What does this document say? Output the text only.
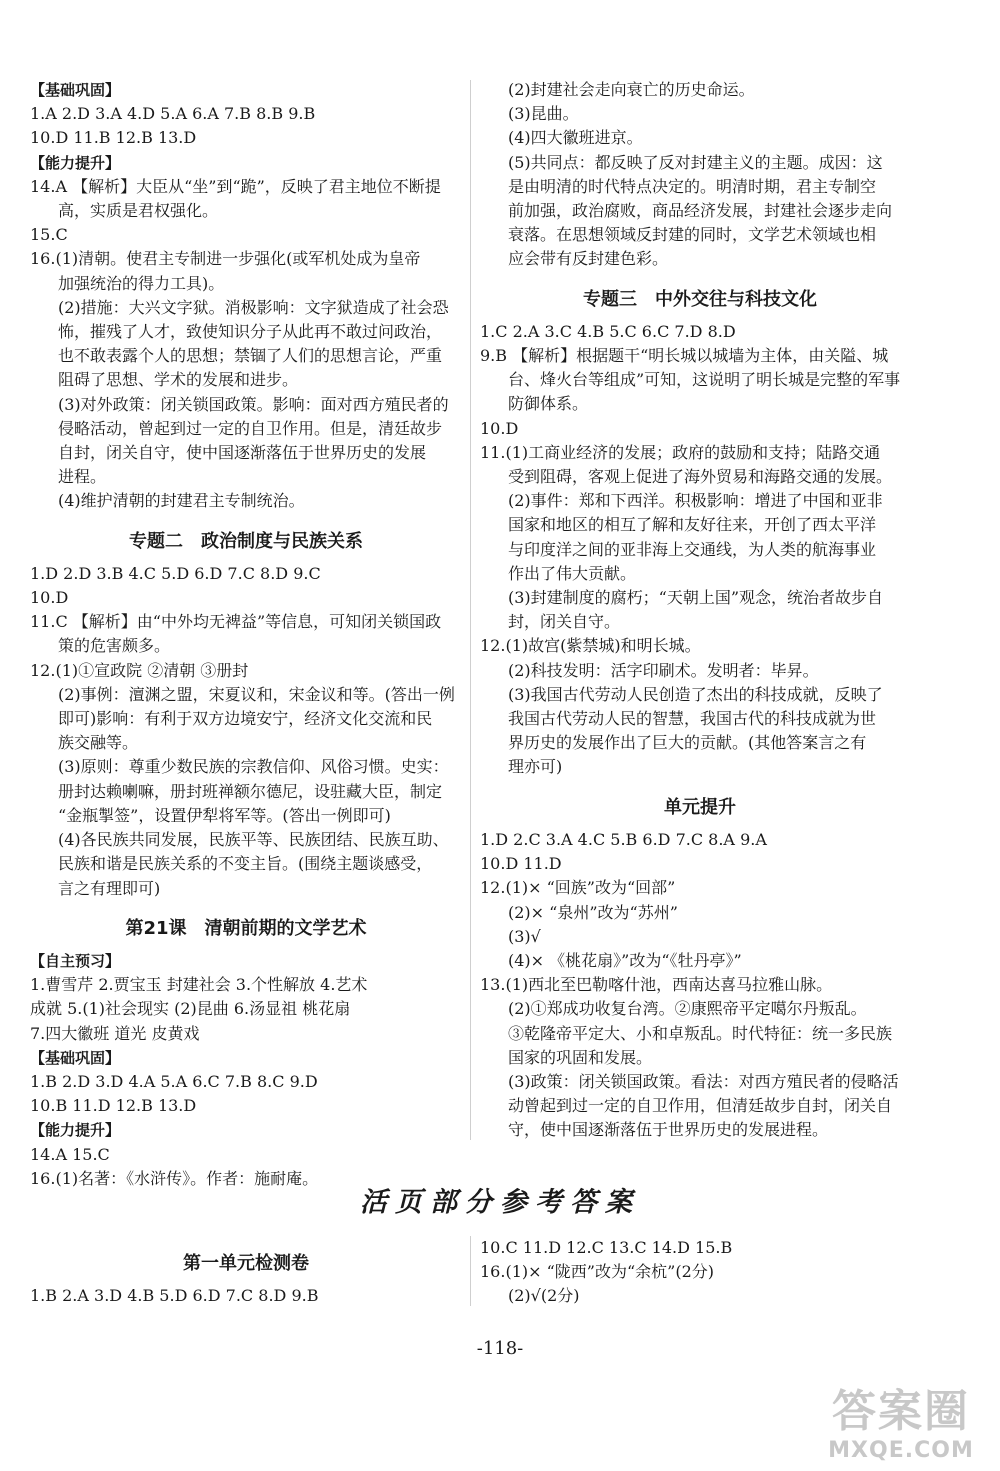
【基础巩固】
1.A 2.D 3.A 4.D 5.A 6.A 7.B 8.B 9.B
10.D 11.B 12.B 13.D
【能力提升】
14.A 【解析】大臣从“坐”到“跪”，反映了君主地位不断提
高，实质是君权强化。
15.C
16.(1)清朝。使君主专制进一步强化(或军机处成为皇帝
加强统治的得力工具)。
(2)措施：大兴文字狱。消极影响：文字狱造成了社会恐
怖，摧残了人才，致使知识分子从此再不敢过问政治，
也不敢表露个人的思想；禁锢了人们的思想言论，严重
阻碍了思想、学术的发展和进步。
(3)对外政策：闭关锁国政策。影响：面对西方殖民者的
侵略活动，曾起到过一定的自卫作用。但是，清廷故步
自封，闭关自守，使中国逐渐落伍于世界历史的发展
进程。
(4)维护清朝的封建君主专制统治。
专题二　政治制度与民族关系
1.D 2.D 3.B 4.C 5.D 6.D 7.C 8.D 9.C
10.D
11.C 【解析】由“中外均无裨益”等信息，可知闭关锁国政
策的危害颇多。
12.(1)①宣政院 ②清朝 ③册封
(2)事例：澶渊之盟，宋夏议和，宋金议和等。(答出一例
即可)影响：有利于双方边境安宁，经济文化交流和民
族交融等。
(3)原则：尊重少数民族的宗教信仰、风俗习惯。史实：
册封达赖喇嘛，册封班禅额尔德尼，设驻藏大臣，制定
“金瓶掣签”，设置伊犁将军等。(答出一例即可)
(4)各民族共同发展，民族平等、民族团结、民族互助、
民族和谐是民族关系的不变主旨。(围绕主题谈感受，
言之有理即可)
第21课　清朝前期的文学艺术
【自主预习】
1.曹雪芹 2.贾宝玉 封建社会 3.个性解放 4.艺术
成就 5.(1)社会现实 (2)昆曲 6.汤显祖 桃花扇
7.四大徽班 道光 皮黄戏
【基础巩固】
1.B 2.D 3.D 4.A 5.A 6.C 7.B 8.C 9.D
10.B 11.D 12.B 13.D
【能力提升】
14.A 15.C
16.(1)名著：《水浒传》。作者：施耐庵。
(2)封建社会走向衰亡的历史命运。
(3)昆曲。
(4)四大徽班进京。
(5)共同点：都反映了反对封建主义的主题。成因：这
是由明清的时代特点决定的。明清时期，君主专制空
前加强，政治腐败，商品经济发展，封建社会逐步走向
衰落。在思想领域反封建的同时，文学艺术领域也相
应会带有反封建色彩。
专题三　中外交往与科技文化
1.C 2.A 3.C 4.B 5.C 6.C 7.D 8.D
9.B 【解析】根据题干“明长城以城墙为主体，由关隘、城
台、烽火台等组成”可知，这说明了明长城是完整的军事
防御体系。
10.D
11.(1)工商业经济的发展；政府的鼓励和支持；陆路交通
受到阻碍，客观上促进了海外贸易和海路交通的发展。
(2)事件：郑和下西洋。积极影响：增进了中国和亚非
国家和地区的相互了解和友好往来，开创了西太平洋
与印度洋之间的亚非海上交通线，为人类的航海事业
作出了伟大贡献。
(3)封建制度的腐朽；“天朝上国”观念，统治者故步自
封，闭关自守。
12.(1)故宫(紫禁城)和明长城。
(2)科技发明：活字印刷术。发明者：毕昇。
(3)我国古代劳动人民创造了杰出的科技成就，反映了
我国古代劳动人民的智慧，我国古代的科技成就为世
界历史的发展作出了巨大的贡献。(其他答案言之有
理亦可)
单元提升
1.D 2.C 3.A 4.C 5.B 6.D 7.C 8.A 9.A
10.D 11.D
12.(1)× “回族”改为“回部”
(2)× “泉州”改为“苏州”
(3)√
(4)× 《桃花扇》”改为“《牡丹亭》”
13.(1)西北至巴勒喀什池，西南达喜马拉雅山脉。
(2)①郑成功收复台湾。②康熙帝平定噶尔丹叛乱。
③乾隆帝平定大、小和卓叛乱。时代特征：统一多民族
国家的巩固和发展。
(3)政策：闭关锁国政策。看法：对西方殖民者的侵略活
动曾起到过一定的自卫作用，但清廷故步自封，闭关自
守，使中国逐渐落伍于世界历史的发展进程。
活页部分参考答案
第一单元检测卷
1.B 2.A 3.D 4.B 5.D 6.D 7.C 8.D 9.B
10.C 11.D 12.C 13.C 14.D 15.B
16.(1)× “陇西”改为“余杭”(2分)
(2)√(2分)
-118-
答案圈
MXQE.COM
